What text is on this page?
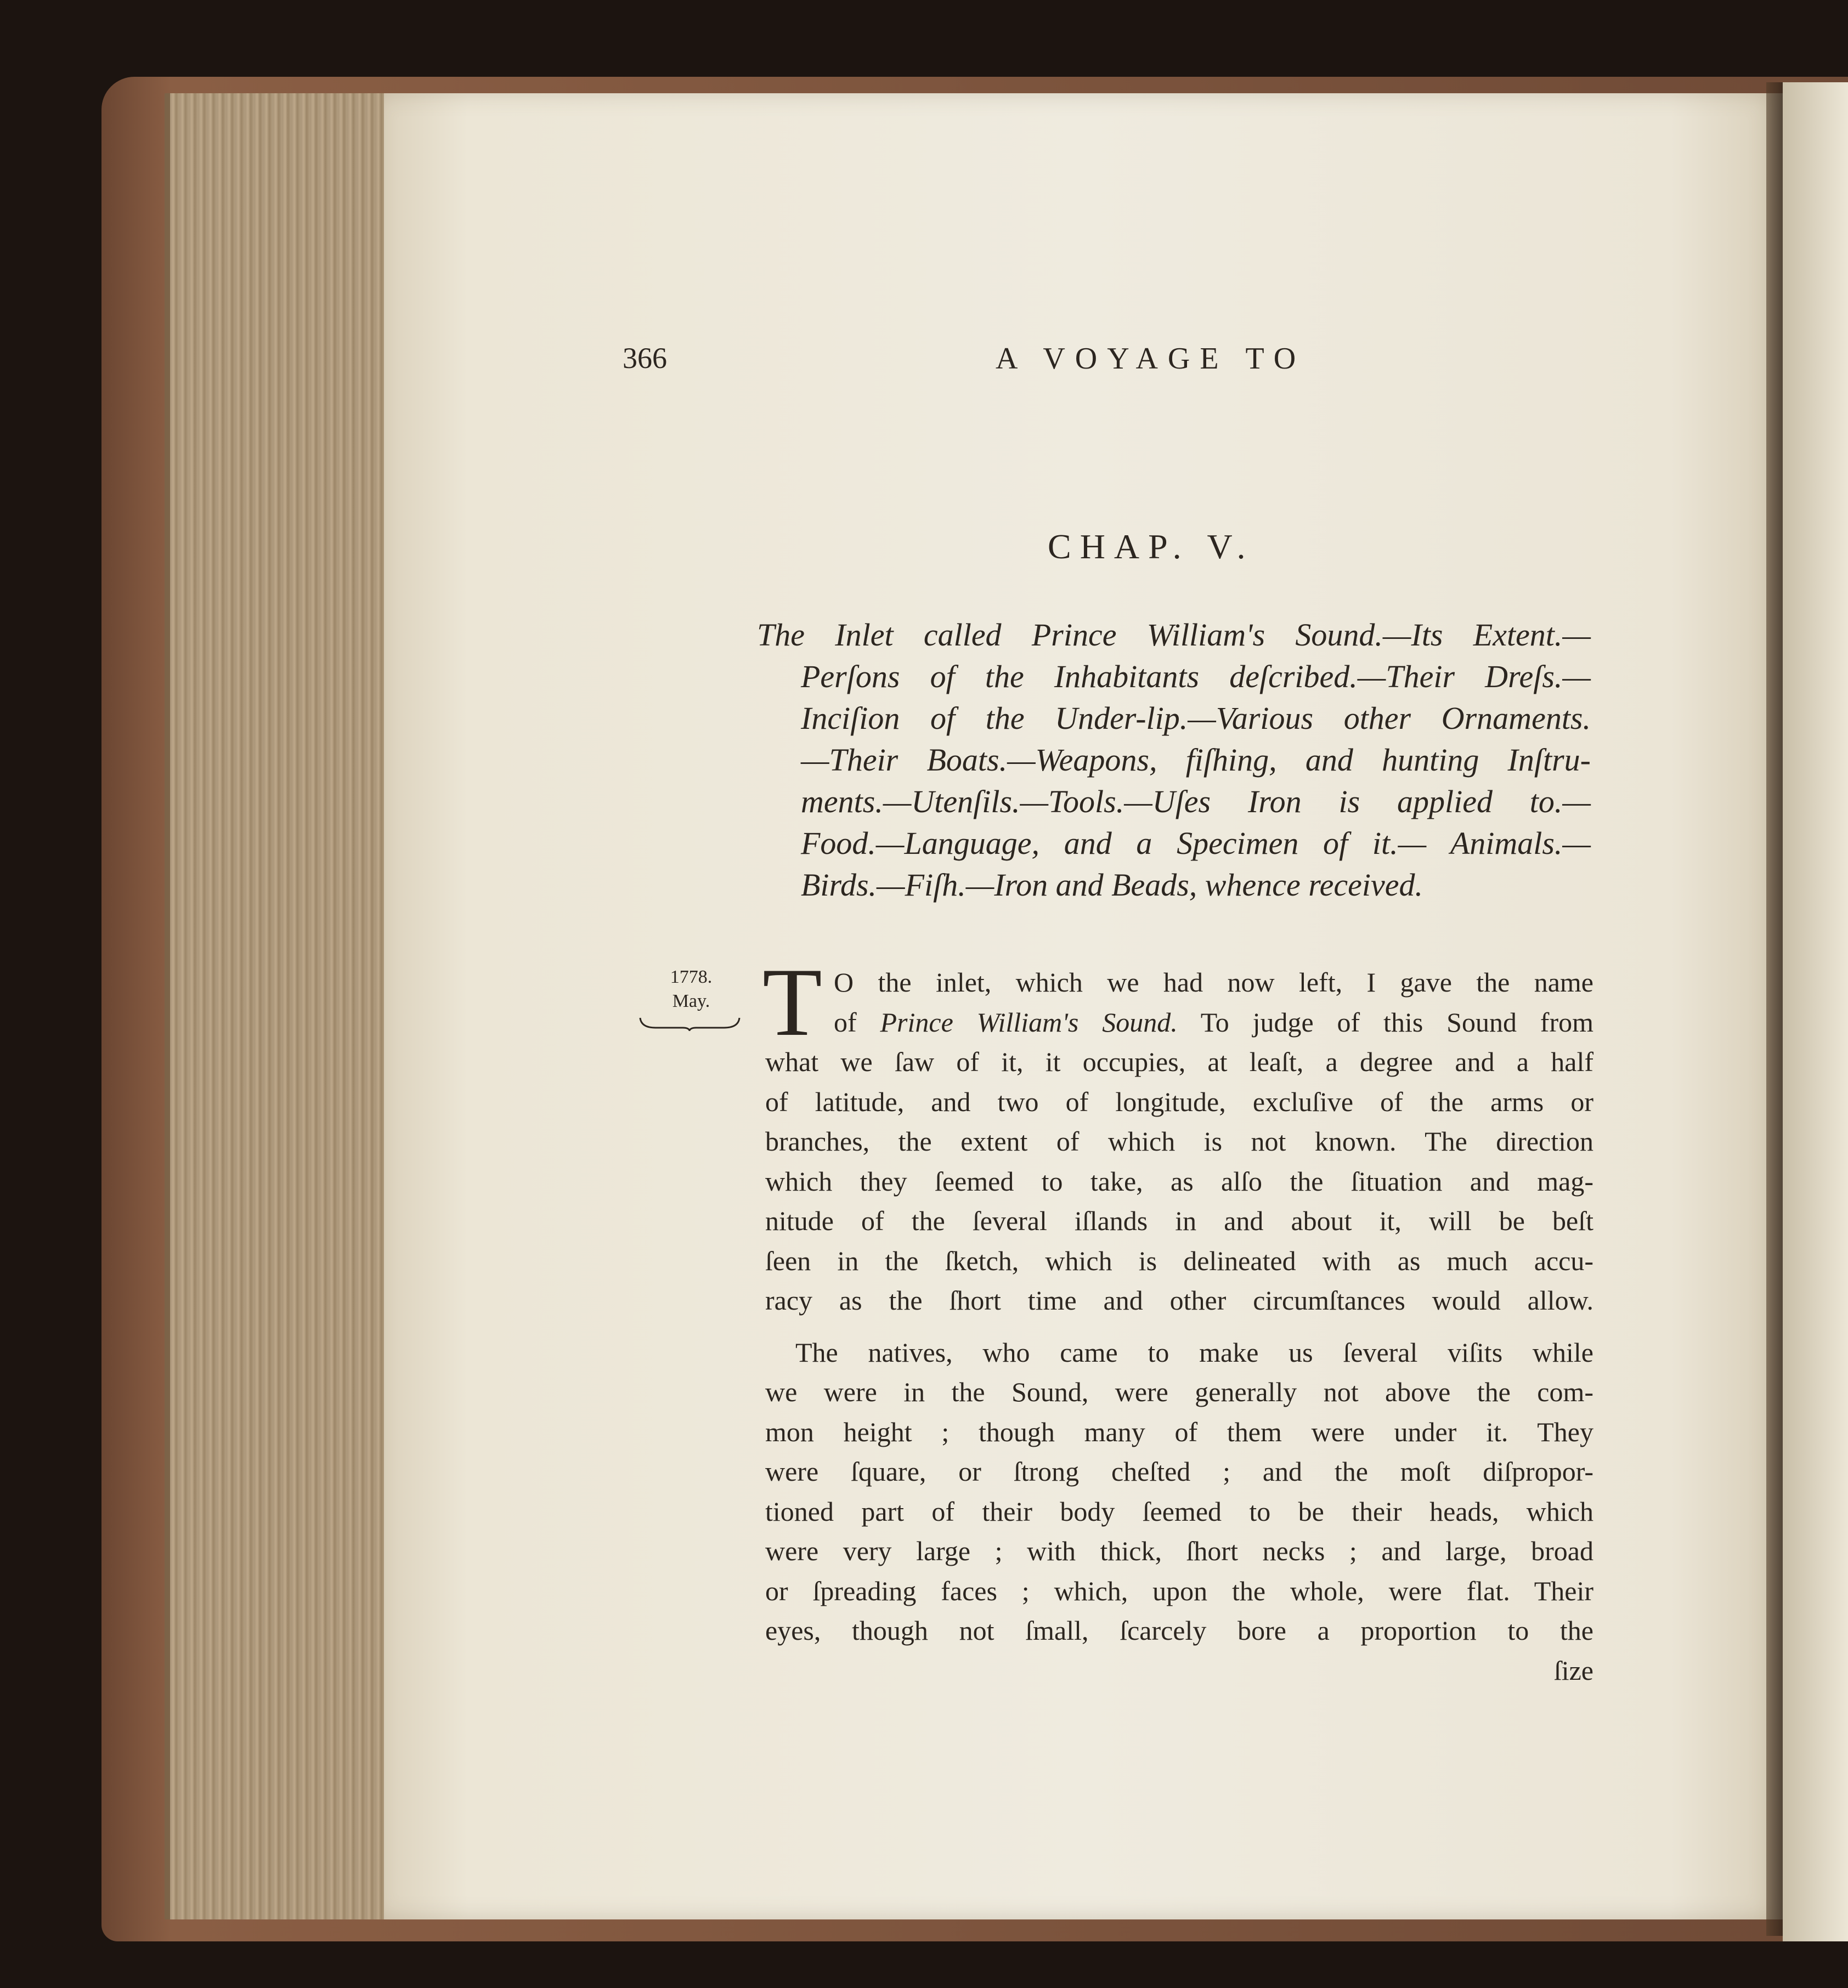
366	A VOYAGE TO
CHAP. V.
The Inlet called Prince William's Sound.—Its Extent.—
Perſons of the Inhabitants deſcribed.—Their Dreſs.—
Inciſion of the Under-lip.—Various other Ornaments.
—Their Boats.—Weapons, fiſhing, and hunting Inſtru-
ments.—Utenſils.—Tools.—Uſes Iron is applied to.—
Food.—Language, and a Specimen of it.— Animals.—
Birds.—Fiſh.—Iron and Beads, whence received.
1778.
May. T O the inlet, which we had now left, I gave the name
of Prince William's Sound. To judge of this Sound from
what we ſaw of it, it occupies, at leaſt, a degree and a half
of latitude, and two of longitude, excluſive of the arms or
branches, the extent of which is not known. The direction
which they ſeemed to take, as alſo the ſituation and mag-
nitude of the ſeveral iſlands in and about it, will be beſt
ſeen in the ſketch, which is delineated with as much accu-
racy as the ſhort time and other circumſtances would allow.
The natives, who came to make us ſeveral viſits while
we were in the Sound, were generally not above the com-
mon height ; though many of them were under it. They
were ſquare, or ſtrong cheſted ; and the moſt diſpropor-
tioned part of their body ſeemed to be their heads, which
were very large ; with thick, ſhort necks ; and large, broad
or ſpreading faces ; which, upon the whole, were flat. Their
eyes, though not ſmall, ſcarcely bore a proportion to the
ſize
